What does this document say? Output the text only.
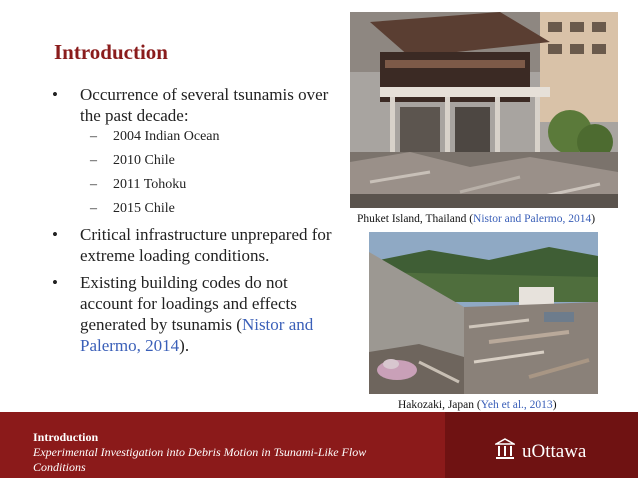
Introduction
• Occurrence of several tsunamis over the past decade:
– 2004 Indian Ocean
– 2010 Chile
– 2011 Tohoku
– 2015 Chile
• Critical infrastructure unprepared for extreme loading conditions.
• Existing building codes do not account for loadings and effects generated by tsunamis (Nistor and Palermo, 2014).
Phuket Island, Thailand (Nistor and Palermo, 2014)
Hakozaki, Japan (Yeh et al., 2013)
Introduction
Experimental Investigation into Debris Motion in Tsunami-Like Flow Conditions
uOttawa
